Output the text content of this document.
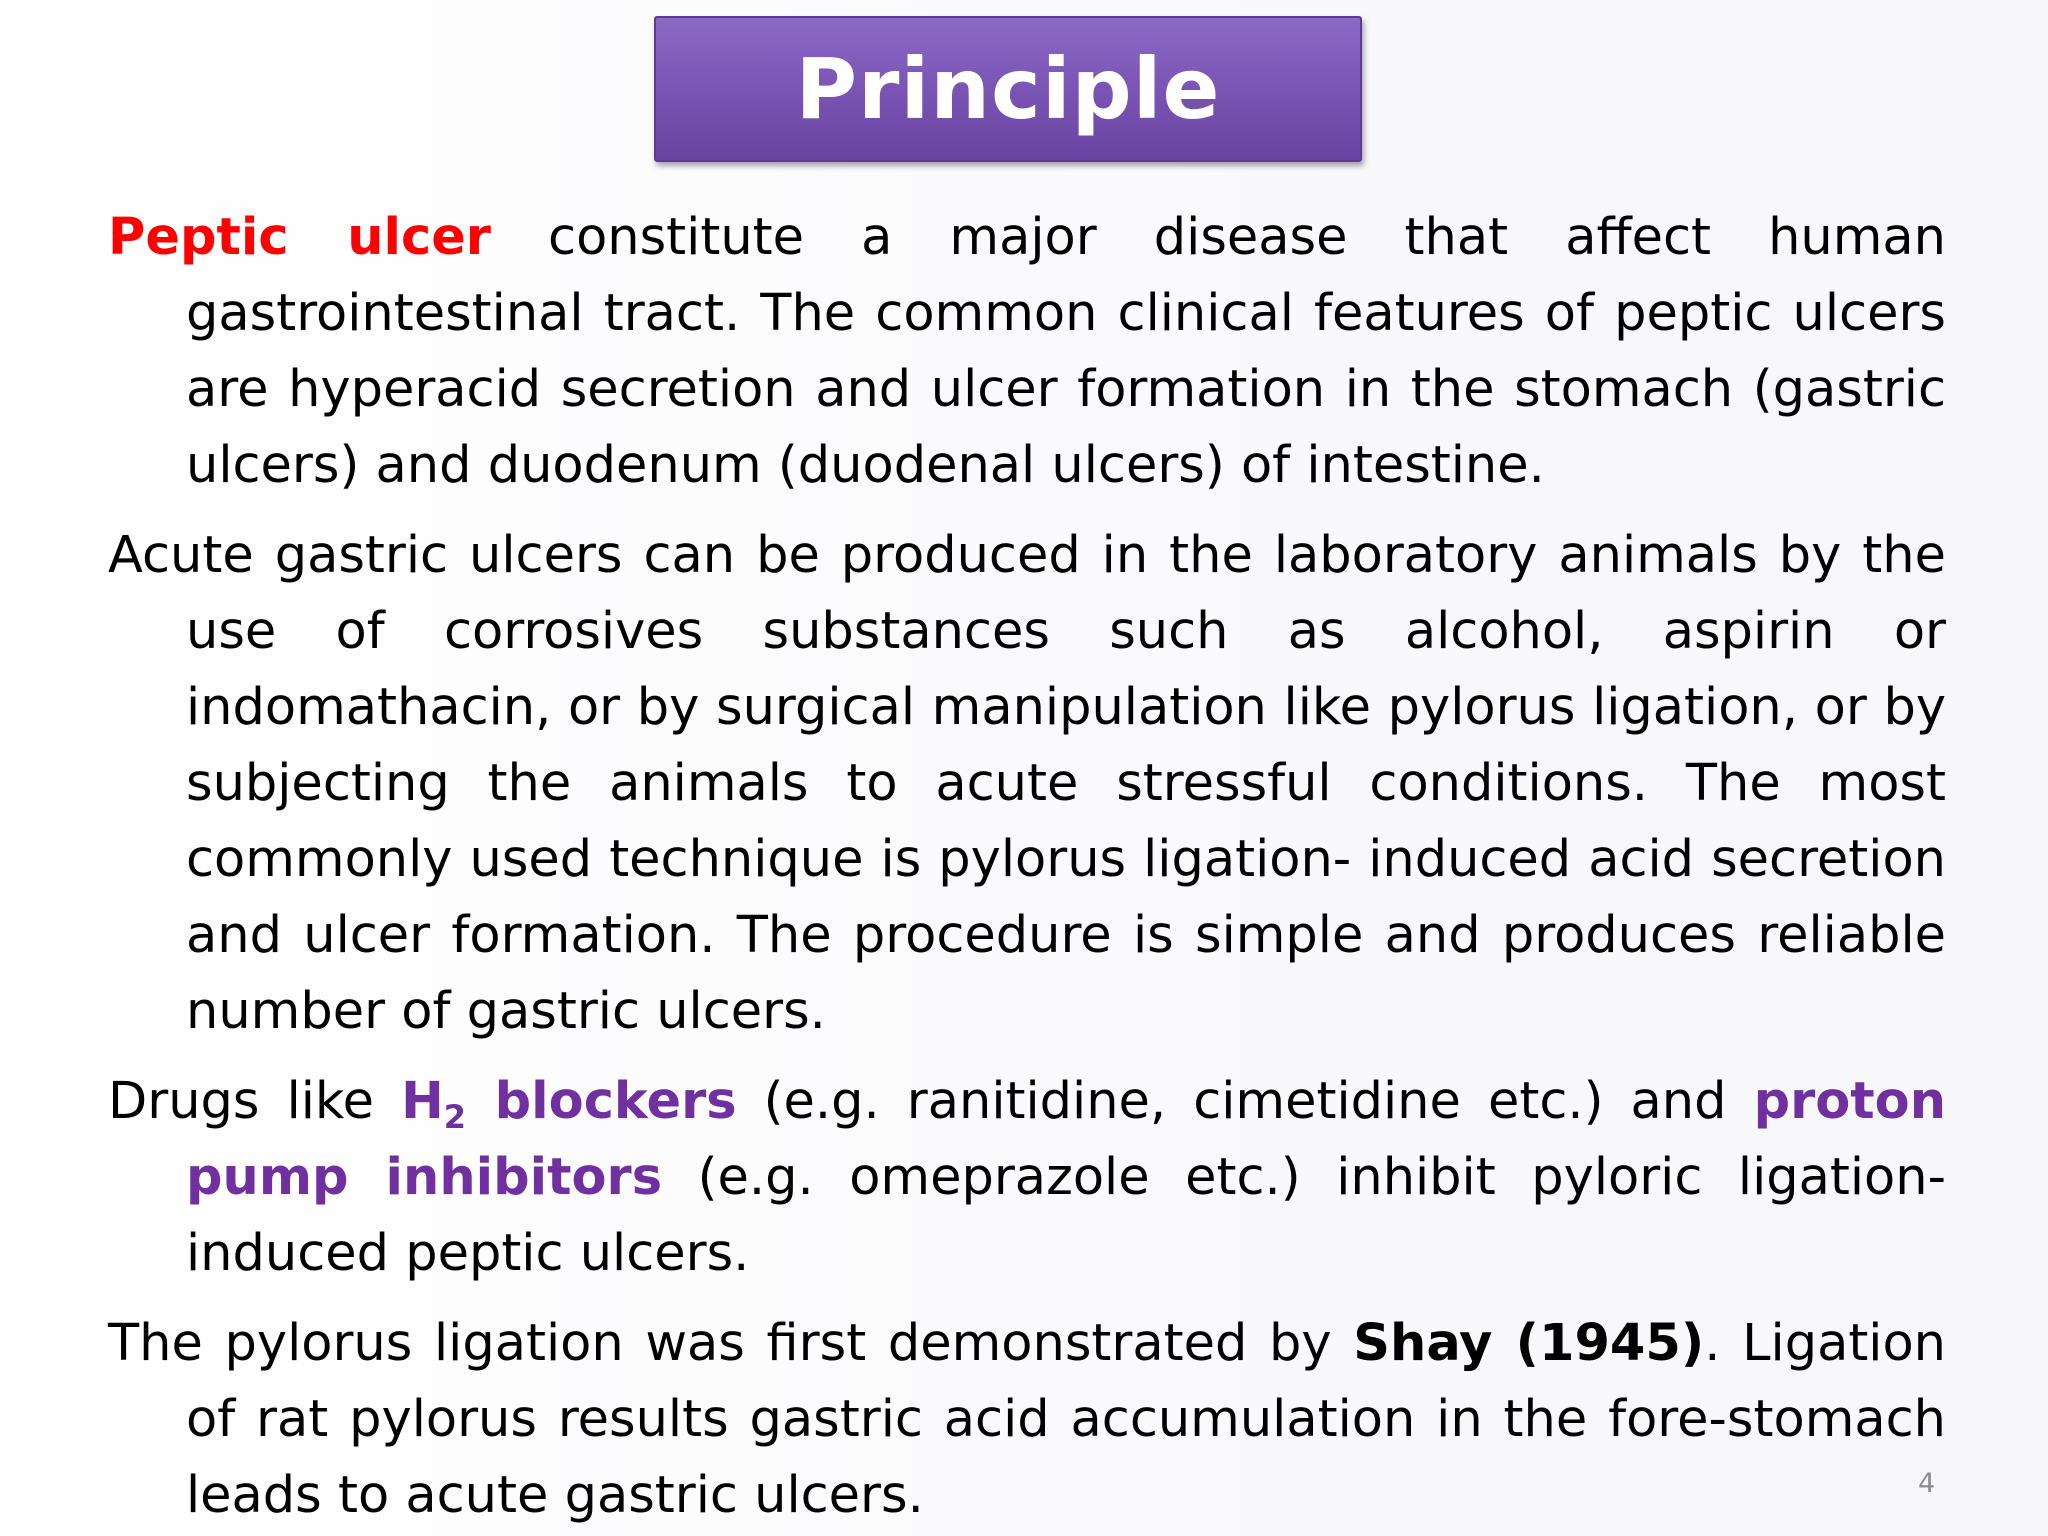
Principle

Peptic ulcer constitute a major disease that affect human gastrointestinal tract. The common clinical features of peptic ulcers are hyperacid secretion and ulcer formation in the stomach (gastric ulcers) and duodenum (duodenal ulcers) of intestine.

Acute gastric ulcers can be produced in the laboratory animals by the use of corrosives substances such as alcohol, aspirin or indomathacin, or by surgical manipulation like pylorus ligation, or by subjecting the animals to acute stressful conditions. The most commonly used technique is pylorus ligation- induced acid secretion and ulcer formation. The procedure is simple and produces reliable number of gastric ulcers.

Drugs like $H_2$ blockers (e.g. ranitidine, cimetidine etc.) and proton pump inhibitors (e.g. omeprazole etc.) inhibit pyloric ligation-induced peptic ulcers.

The pylorus ligation was first demonstrated by Shay (1945). Ligation of rat pylorus results gastric acid accumulation in the fore-stomach leads to acute gastric ulcers.	4
